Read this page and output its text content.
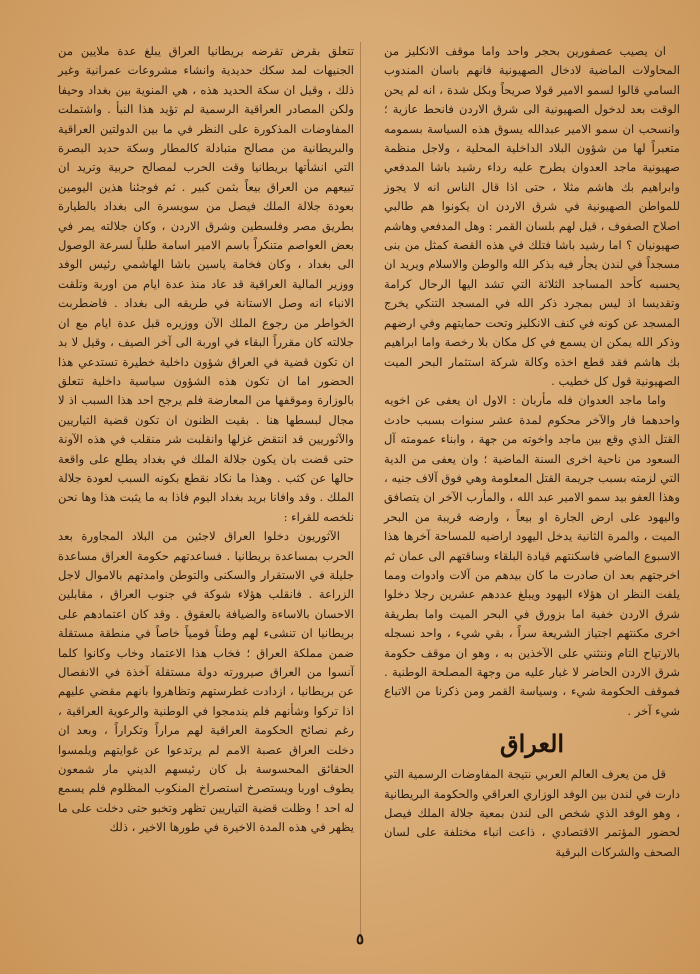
ان يصيب عصفورين بحجر واحد واما موقف الانكليز من المحاولات الماضية لادخال الصهيونية فانهم باسان المندوب السامي قالوا لسمو الامير قولا صريحاً وبكل شدة ، انه لم يحن الوقت بعد لدخول الصهيونية الى شرق الاردن فانحط عازية ؛ وانسحب ان سمو الامير عبدالله يسوق هذه السياسة بسمومه متعبراً لها من شؤون البلاد الداخلية المحلية ، ولاجل منظمة صهيونية ماجد العدوان يطرح عليه رداء رشيد باشا المدفعي وابراهيم بك هاشم مثلا ، حتى اذا قال الناس انه لا يجوز للمواطن الصهيونية في شرق الاردن ان يكونوا هم طالبي اصلاح الصفوف ، قيل لهم بلسان القمر : وهل المدفعي وهاشم صهيونيان ؟ اما رشيد باشا فتلك في هذه القصة كمثل من بنى مسجداً في لندن يجأر فيه بذكر الله والوطن والاسلام ويريد ان يحسبه كأحد المساجد الثلاثة التي تشد اليها الرحال كرامة وتقديسا اذ ليس بمجرد ذكر الله في المسجد التنكي يخرج المسجد عن كونه في كنف الانكليز وتحت حمايتهم وفي ارضهم وذكر الله يمكن ان يسمع في كل مكان بلا رخصة واما ابراهيم بك هاشم فقد قطع اخذه وكالة شركة استثمار البحر الميت الصهيونية قول كل خطيب .

واما ماجد العدوان فله مأربان : الاول ان يعفى عن اخويه واحدهما فار والآخر محكوم لمدة عشر سنوات بسبب حادث القتل الذي وقع بين ماجد واخوته من جهة ، وابناء عمومته آل السعود من ناحية اخرى السنة الماضية ؛ وان يعفى من الدية التي لزمته بسبب جريمة القتل المعلومة وهي فوق آلاف جنيه ، وهذا العفو بيد سمو الامير عبد الله ، والمأرب الآخر ان يتصافق واليهود على ارض الجارة او بيعاً ، وارضه قريبة من البحر الميت ، والمرة الثانية يدخل اليهود اراضيه للمساحة آخرها هذا الاسبوع الماضي فاسكنتهم قيادة البلقاء وساقتهم الى عمان ثم اخرجتهم بعد ان صادرت ما كان بيدهم من آلات وادوات ومما يلفت النظر ان هؤلاء اليهود ويبلغ عددهم عشرين رجلا دخلوا شرق الاردن خفية اما بزورق في البحر الميت واما بطريقة اخرى مكنتهم اجتياز الشريعة سراً ، بقي شيء ، واحد نسجله بالارتياح التام وننثني على الآخذين به ، وهو ان موقف حكومة شرق الاردن الحاضر لا غبار عليه من وجهة المصلحة الوطنية . فموقف الحكومة شيء ، وسياسة القمر ومن ذكرنا من الاتباع شيء آخر .

العراق

قل من يعرف العالم العربي نتيجة المفاوضات الرسمية التي دارت في لندن بين الوفد الوزاري العراقي والحكومة البريطانية ، وهو الوفد الذي شخص الى لندن بمعية جلالة الملك فيصل لحضور المؤتمر الاقتصادي ، ذاعت انباء مختلفة على لسان الصحف والشركات البرقية

تتعلق بقرض تقرضه بريطانيا العراق يبلغ عدة ملايين من الجنيهات لمد سكك حديدية وانشاء مشروعات عمرانية وغير ذلك ، وقيل ان سكة الحديد هذه ، هي المنوية بين بغداد وحيفا ولكن المصادر العراقية الرسمية لم تؤيد هذا النبأ . واشتملت المفاوضات المذكورة على النظر في ما بين الدولتين العراقية والبريطانية من مصالح متبادلة كالمطار وسكة حديد البصرة التي انشأتها بريطانيا وقت الحرب لمصالح حربية وتريد ان تبيعهم من العراق بيعاً بثمن كبير . ثم فوجئنا هذين اليومين بعودة جلالة الملك فيصل من سويسرة الى بغداد بالطيارة بطريق مصر وفلسطين وشرق الاردن ، وكان جلالته يمر في بعض العواصم متنكراً باسم الامير اسامة طلباً لسرعة الوصول الى بغداد ، وكان فخامة ياسين باشا الهاشمي رئيس الوفد ووزير المالية العراقية قد عاد منذ عدة ايام من اوربة وتلقت الانباء انه وصل الاستانة في طريقه الى بغداد . فاضطربت الخواطر من رجوع الملك الآن ووزيره قبل عدة ايام مع ان جلالته كان مقرراً البقاء في اوربة الى آخر الصيف ، وقيل لا بد ان تكون قضية في العراق شؤون داخلية خطيرة تستدعي هذا الحضور اما ان تكون هذه الشؤون سياسية داخلية تتعلق بالوزارة وموقفها من المعارضة فلم يرجح احد هذا السبب اذ لا مجال لبسطها هنا . بقيت الظنون ان تكون قضية التياريين والآثوريين قد انتقض غزلها وانقلبت شر منقلب في هذه الآونة حتى قضت بان يكون جلالة الملك في بغداد يطلع على واقعة حالها عن كثب . وهذا ما نكاد نقطع بكونه السبب لعودة جلالة الملك . وقد وافانا بريد بغداد اليوم فاذا به ما يثبت هذا وها نحن نلخصه للقراء :

الآثوريون دخلوا العراق لاجئين من البلاد المجاورة بعد الحرب بمساعدة بريطانيا . فساعدتهم حكومة العراق مساعدة جليلة في الاستقرار والسكنى والتوطن وامدتهم بالاموال لاجل الزراعة . فانقلب هؤلاء شوكة في جنوب العراق ، مقابلين الاحسان بالاساءة والضيافة بالعقوق . وقد كان اعتمادهم على بريطانيا ان تنشىء لهم وطناً قومياً خاصاً في منطقة مستقلة ضمن مملكة العراق ؛ فخاب هذا الاعتماد وخاب وكانوا كلما آنسوا من العراق صيرورته دولة مستقلة آخذة في الانفصال عن بريطانيا ، ازدادت غطرستهم وتظاهروا بانهم مقضي عليهم اذا تركوا وشأنهم فلم يندمجوا في الوطنية والرعوية العراقية ، رغم نصائح الحكومة العراقية لهم مراراً وتكراراً ، وبعد ان دخلت العراق عصبة الامم لم يرتدعوا عن غوايتهم ويلمسوا الحقائق المحسوسة بل كان رئيسهم الديني مار شمعون يطوف اوربا ويستصرخ استصراخ المنكوب المظلوم فلم يسمع له احد ! وظلت قضية التياريين تظهر وتخبو حتى دخلت على ما يظهر في هذه المدة الاخيرة في طورها الاخير ، ذلك

٥
